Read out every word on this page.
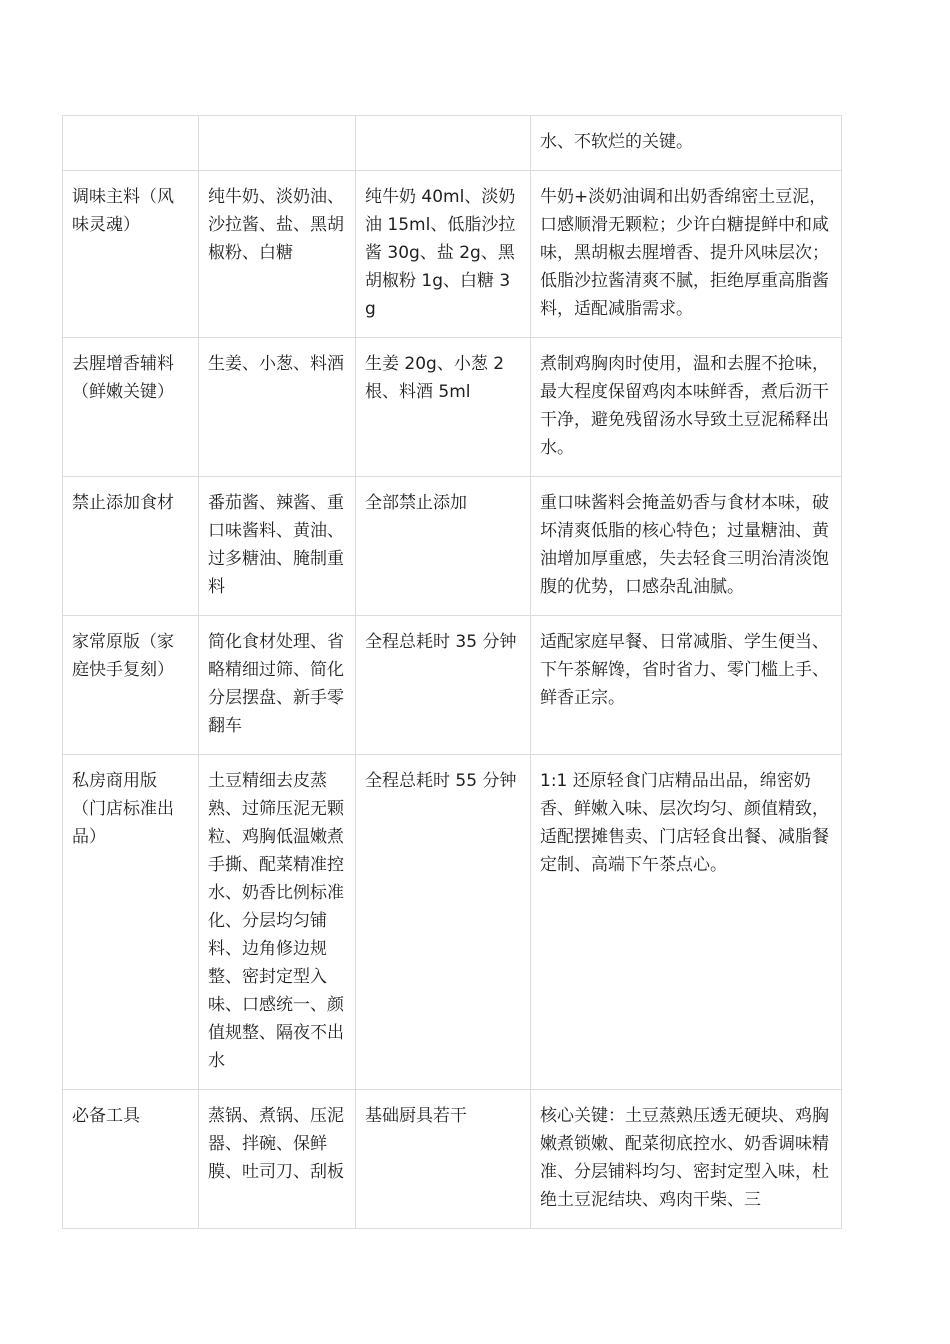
			水、不软烂的关键。
调味主料（风味灵魂）	纯牛奶、淡奶油、沙拉酱、盐、黑胡椒粉、白糖	纯牛奶 40ml、淡奶油 15ml、低脂沙拉酱 30g、盐 2g、黑胡椒粉 1g、白糖 3g	牛奶+淡奶油调和出奶香绵密土豆泥，口感顺滑无颗粒；少许白糖提鲜中和咸味，黑胡椒去腥增香、提升风味层次；低脂沙拉酱清爽不腻，拒绝厚重高脂酱料，适配减脂需求。
去腥增香辅料（鲜嫩关键）	生姜、小葱、料酒	生姜 20g、小葱 2 根、料酒 5ml	煮制鸡胸肉时使用，温和去腥不抢味，最大程度保留鸡肉本味鲜香，煮后沥干干净，避免残留汤水导致土豆泥稀释出水。
禁止添加食材	番茄酱、辣酱、重口味酱料、黄油、过多糖油、腌制重料	全部禁止添加	重口味酱料会掩盖奶香与食材本味，破坏清爽低脂的核心特色；过量糖油、黄油增加厚重感，失去轻食三明治清淡饱腹的优势，口感杂乱油腻。
家常原版（家庭快手复刻）	简化食材处理、省略精细过筛、简化分层摆盘、新手零翻车	全程总耗时 35 分钟	适配家庭早餐、日常减脂、学生便当、下午茶解馋，省时省力、零门槛上手、鲜香正宗。
私房商用版（门店标准出品）	土豆精细去皮蒸熟、过筛压泥无颗粒、鸡胸低温嫩煮手撕、配菜精准控水、奶香比例标准化、分层均匀铺料、边角修边规整、密封定型入味、口感统一、颜值规整、隔夜不出水	全程总耗时 55 分钟	1:1 还原轻食门店精品出品，绵密奶香、鲜嫩入味、层次均匀、颜值精致，适配摆摊售卖、门店轻食出餐、减脂餐定制、高端下午茶点心。
必备工具	蒸锅、煮锅、压泥器、拌碗、保鲜膜、吐司刀、刮板	基础厨具若干	核心关键：土豆蒸熟压透无硬块、鸡胸嫩煮锁嫩、配菜彻底控水、奶香调味精准、分层铺料均匀、密封定型入味，杜绝土豆泥结块、鸡肉干柴、三
